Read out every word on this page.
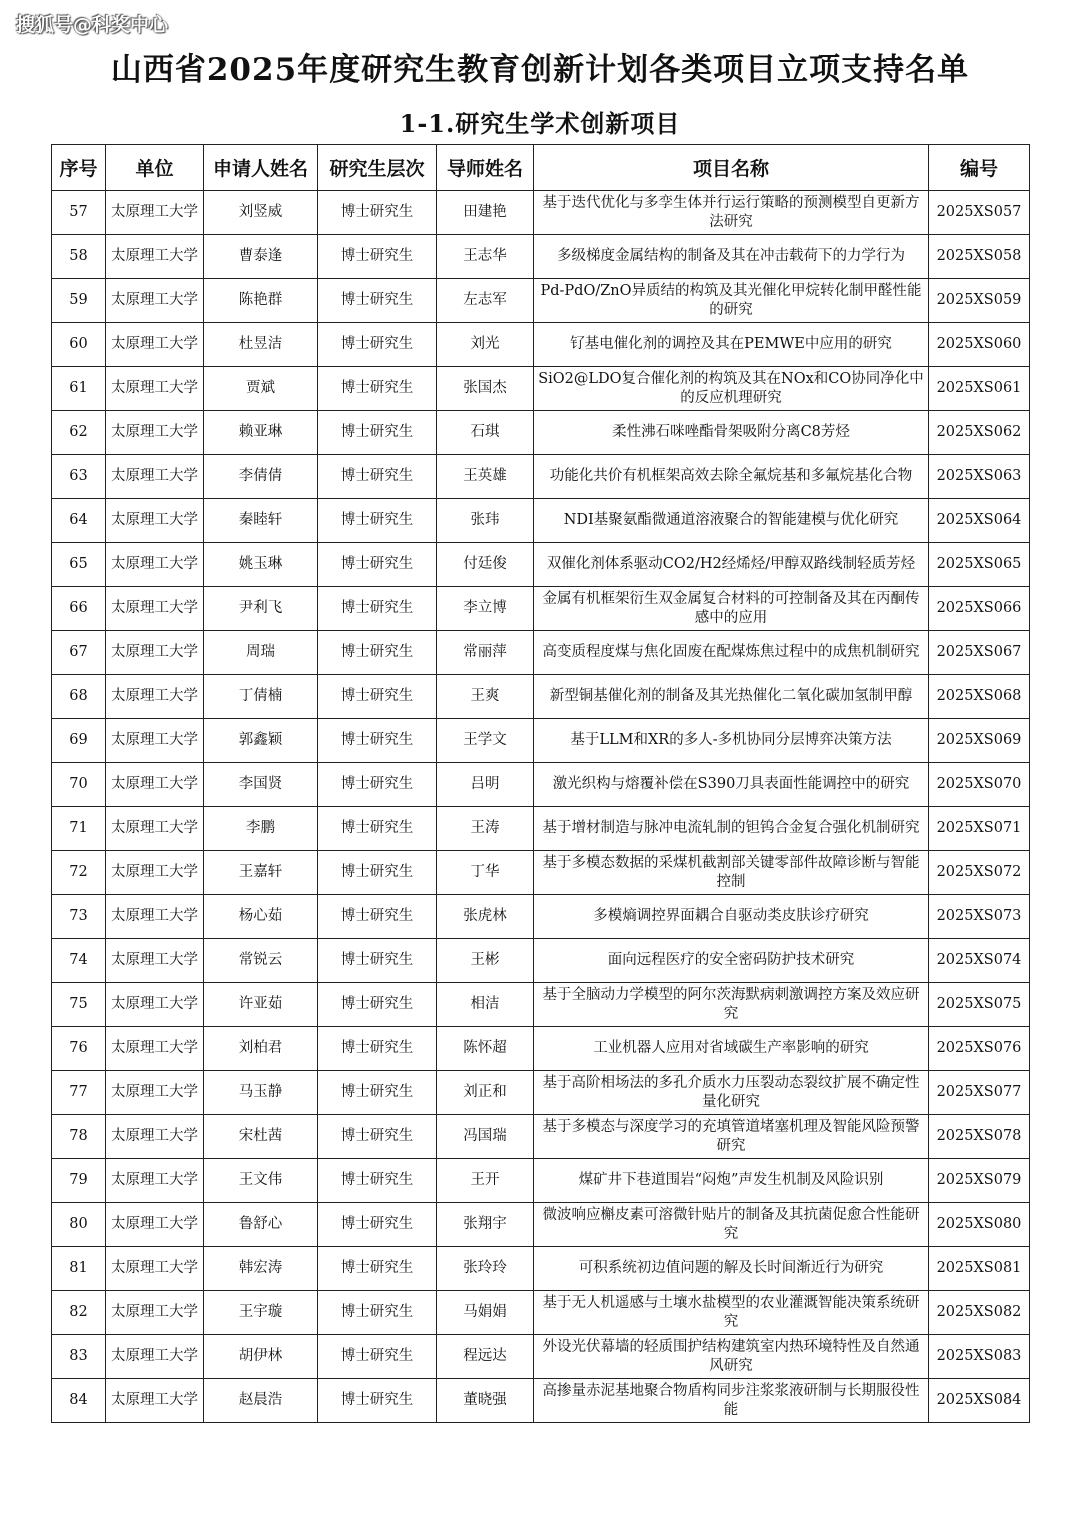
搜狐号@科奖中心
山西省2025年度研究生教育创新计划各类项目立项支持名单
1-1.研究生学术创新项目
序号	单位	申请人姓名	研究生层次	导师姓名	项目名称	编号
57	太原理工大学	刘竖威	博士研究生	田建艳	基于迭代优化与多孪生体并行运行策略的预测模型自更新方法研究	2025XS057
58	太原理工大学	曹泰逢	博士研究生	王志华	多级梯度金属结构的制备及其在冲击载荷下的力学行为	2025XS058
59	太原理工大学	陈艳群	博士研究生	左志军	Pd-PdO/ZnO异质结的构筑及其光催化甲烷转化制甲醛性能的研究	2025XS059
60	太原理工大学	杜昱洁	博士研究生	刘光	钌基电催化剂的调控及其在PEMWE中应用的研究	2025XS060
61	太原理工大学	贾斌	博士研究生	张国杰	SiO2@LDO复合催化剂的构筑及其在NOx和CO协同净化中的反应机理研究	2025XS061
62	太原理工大学	赖亚琳	博士研究生	石琪	柔性沸石咪唑酯骨架吸附分离C8芳烃	2025XS062
63	太原理工大学	李倩倩	博士研究生	王英雄	功能化共价有机框架高效去除全氟烷基和多氟烷基化合物	2025XS063
64	太原理工大学	秦睦轩	博士研究生	张玮	NDI基聚氨酯微通道溶液聚合的智能建模与优化研究	2025XS064
65	太原理工大学	姚玉琳	博士研究生	付廷俊	双催化剂体系驱动CO2/H2经烯烃/甲醇双路线制轻质芳烃	2025XS065
66	太原理工大学	尹利飞	博士研究生	李立博	金属有机框架衍生双金属复合材料的可控制备及其在丙酮传感中的应用	2025XS066
67	太原理工大学	周瑞	博士研究生	常丽萍	高变质程度煤与焦化固废在配煤炼焦过程中的成焦机制研究	2025XS067
68	太原理工大学	丁倩楠	博士研究生	王爽	新型铜基催化剂的制备及其光热催化二氧化碳加氢制甲醇	2025XS068
69	太原理工大学	郭鑫颖	博士研究生	王学文	基于LLM和XR的多人-多机协同分层博弈决策方法	2025XS069
70	太原理工大学	李国贤	博士研究生	吕明	激光织构与熔覆补偿在S390刀具表面性能调控中的研究	2025XS070
71	太原理工大学	李鹏	博士研究生	王涛	基于增材制造与脉冲电流轧制的钽钨合金复合强化机制研究	2025XS071
72	太原理工大学	王嘉轩	博士研究生	丁华	基于多模态数据的采煤机截割部关键零部件故障诊断与智能控制	2025XS072
73	太原理工大学	杨心茹	博士研究生	张虎林	多模熵调控界面耦合自驱动类皮肤诊疗研究	2025XS073
74	太原理工大学	常锐云	博士研究生	王彬	面向远程医疗的安全密码防护技术研究	2025XS074
75	太原理工大学	许亚茹	博士研究生	相洁	基于全脑动力学模型的阿尔茨海默病刺激调控方案及效应研究	2025XS075
76	太原理工大学	刘柏君	博士研究生	陈怀超	工业机器人应用对省域碳生产率影响的研究	2025XS076
77	太原理工大学	马玉静	博士研究生	刘正和	基于高阶相场法的多孔介质水力压裂动态裂纹扩展不确定性量化研究	2025XS077
78	太原理工大学	宋杜茜	博士研究生	冯国瑞	基于多模态与深度学习的充填管道堵塞机理及智能风险预警研究	2025XS078
79	太原理工大学	王文伟	博士研究生	王开	煤矿井下巷道围岩“闷炮”声发生机制及风险识别	2025XS079
80	太原理工大学	鲁舒心	博士研究生	张翔宇	微波响应槲皮素可溶微针贴片的制备及其抗菌促愈合性能研究	2025XS080
81	太原理工大学	韩宏涛	博士研究生	张玲玲	可积系统初边值问题的解及长时间渐近行为研究	2025XS081
82	太原理工大学	王宇璇	博士研究生	马娟娟	基于无人机遥感与土壤水盐模型的农业灌溉智能决策系统研究	2025XS082
83	太原理工大学	胡伊林	博士研究生	程远达	外设光伏幕墙的轻质围护结构建筑室内热环境特性及自然通风研究	2025XS083
84	太原理工大学	赵晨浩	博士研究生	董晓强	高掺量赤泥基地聚合物盾构同步注浆浆液研制与长期服役性能	2025XS084
